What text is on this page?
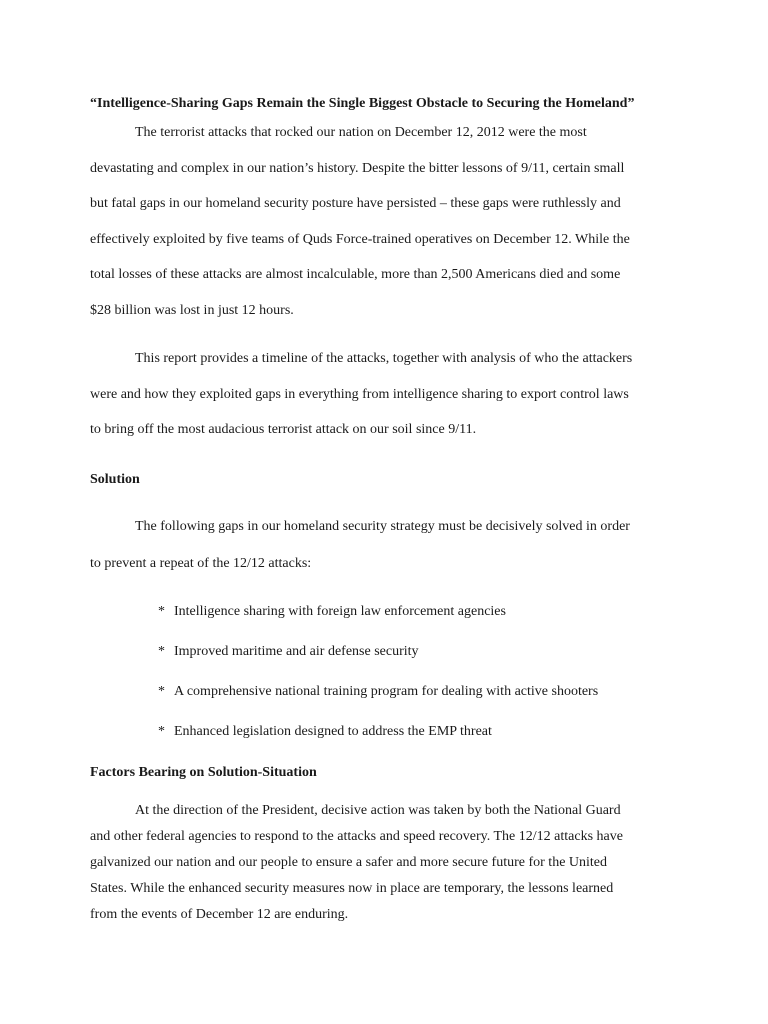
“Intelligence-Sharing Gaps Remain the Single Biggest Obstacle to Securing the Homeland”
The terrorist attacks that rocked our nation on December 12, 2012 were the most
devastating and complex in our nation’s history. Despite the bitter lessons of 9/11, certain small
but fatal gaps in our homeland security posture have persisted – these gaps were ruthlessly and
effectively exploited by five teams of Quds Force-trained operatives on December 12. While the
total losses of these attacks are almost incalculable, more than 2,500 Americans died and some
$28 billion was lost in just 12 hours.
This report provides a timeline of the attacks, together with analysis of who the attackers
were and how they exploited gaps in everything from intelligence sharing to export control laws
to bring off the most audacious terrorist attack on our soil since 9/11.
Solution
The following gaps in our homeland security strategy must be decisively solved in order
to prevent a repeat of the 12/12 attacks:
* Intelligence sharing with foreign law enforcement agencies
* Improved maritime and air defense security
* A comprehensive national training program for dealing with active shooters
* Enhanced legislation designed to address the EMP threat
Factors Bearing on Solution-Situation
At the direction of the President, decisive action was taken by both the National Guard
and other federal agencies to respond to the attacks and speed recovery. The 12/12 attacks have
galvanized our nation and our people to ensure a safer and more secure future for the United
States. While the enhanced security measures now in place are temporary, the lessons learned
from the events of December 12 are enduring.
